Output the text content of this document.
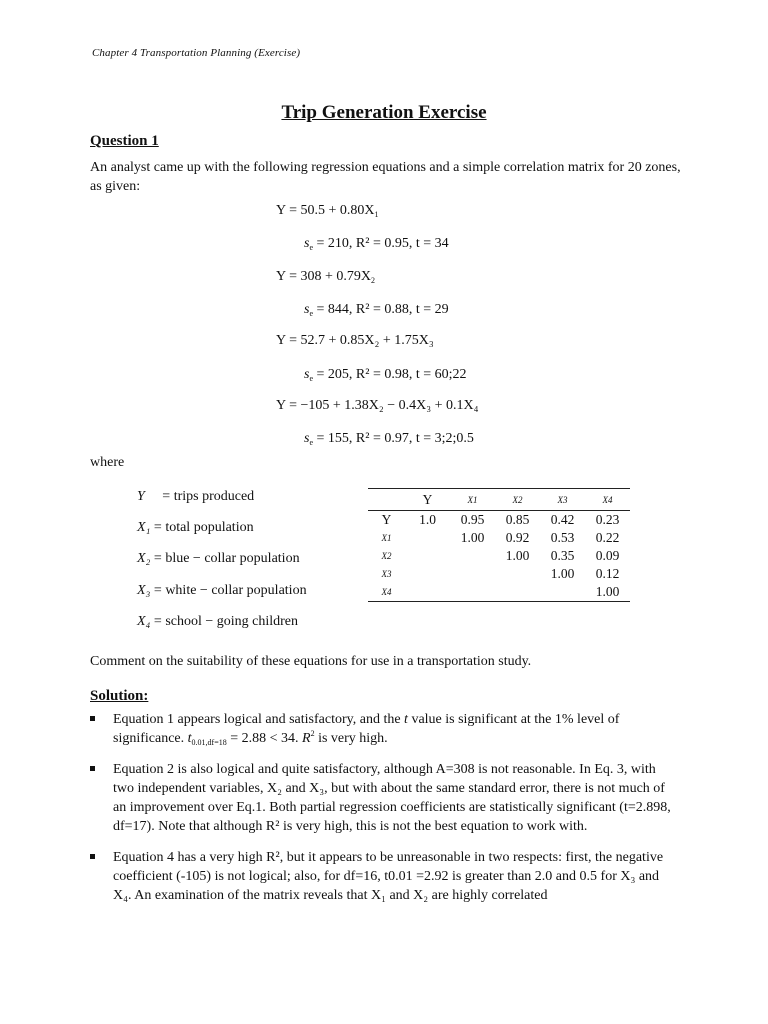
Chapter 4 Transportation Planning (Exercise)
Trip Generation Exercise
Question 1
An analyst came up with the following regression equations and a simple correlation matrix for 20 zones, as given:
$Y = 50.5 + 0.80X_1$
$s_e = 210$, R² = 0.95, t = 34
$Y = 308 + 0.79X_2$
$s_e = 844$, R² = 0.88, t = 29
Y = 52.7 + 0.85X₂ + 1.75X₃
$s_e = 205$, R² = 0.98, t = 60;22
Y = −105 + 1.38X₂ − 0.4X₃ + 0.1X₄
$s_e = 155$, R² = 0.97, t = 3;2;0.5
where
Y = trips produced
X₁ = total population
X₂ = blue − collar population
X₃ = white − collar population
X₄ = school − going children
	Y	X1	X2	X3	X4
Y	1.0	0.95	0.85	0.42	0.23
X1		1.00	0.92	0.53	0.22
X2			1.00	0.35	0.09
X3				1.00	0.12
X4					1.00
Comment on the suitability of these equations for use in a transportation study.
Solution:
Equation 1 appears logical and satisfactory, and the t value is significant at the 1% level of significance. $t_{0.01,df=18} = 2.88 < 34$. $R^2$ is very high.
Equation 2 is also logical and quite satisfactory, although A=308 is not reasonable. In Eq. 3, with two independent variables, X₂ and X₃, but with about the same standard error, there is not much of an improvement over Eq.1. Both partial regression coefficients are statistically significant (t=2.898, df=17). Note that although R² is very high, this is not the best equation to work with.
Equation 4 has a very high R², but it appears to be unreasonable in two respects: first, the negative coefficient (-105) is not logical; also, for df=16, t0.01 =2.92 is greater than 2.0 and 0.5 for X₃ and X₄. An examination of the matrix reveals that X₁ and X₂ are highly correlated
